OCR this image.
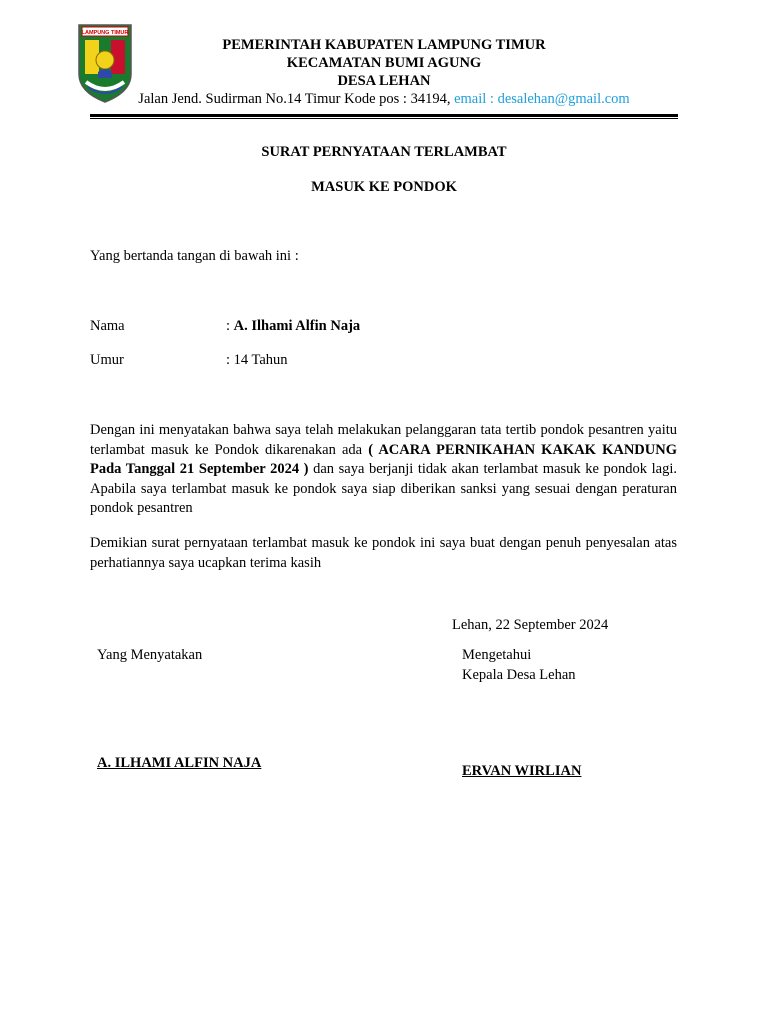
LAMPUNG TIMUR
PEMERINTAH KABUPATEN LAMPUNG TIMUR
KECAMATAN BUMI AGUNG
DESA LEHAN
Jalan Jend. Sudirman No.14 Timur Kode pos : 34194, email : desalehan@gmail.com
SURAT PERNYATAAN TERLAMBAT
MASUK KE PONDOK
Yang bertanda tangan di bawah ini :
Nama	: A. Ilhami Alfin Naja
Umur	: 14 Tahun
Dengan ini menyatakan bahwa saya telah melakukan pelanggaran tata tertib pondok pesantren yaitu terlambat masuk ke Pondok dikarenakan ada ( ACARA PERNIKAHAN KAKAK KANDUNG Pada Tanggal 21 September 2024 ) dan saya berjanji tidak akan terlambat masuk ke pondok lagi. Apabila saya terlambat masuk ke pondok saya siap diberikan sanksi yang sesuai dengan peraturan pondok pesantren
Demikian surat pernyataan terlambat masuk ke pondok ini saya buat dengan penuh penyesalan atas perhatiannya saya ucapkan terima kasih
Lehan, 22 September 2024
Yang Menyatakan	Mengetahui
Kepala Desa Lehan
A. ILHAMI ALFIN NAJA	ERVAN WIRLIAN
